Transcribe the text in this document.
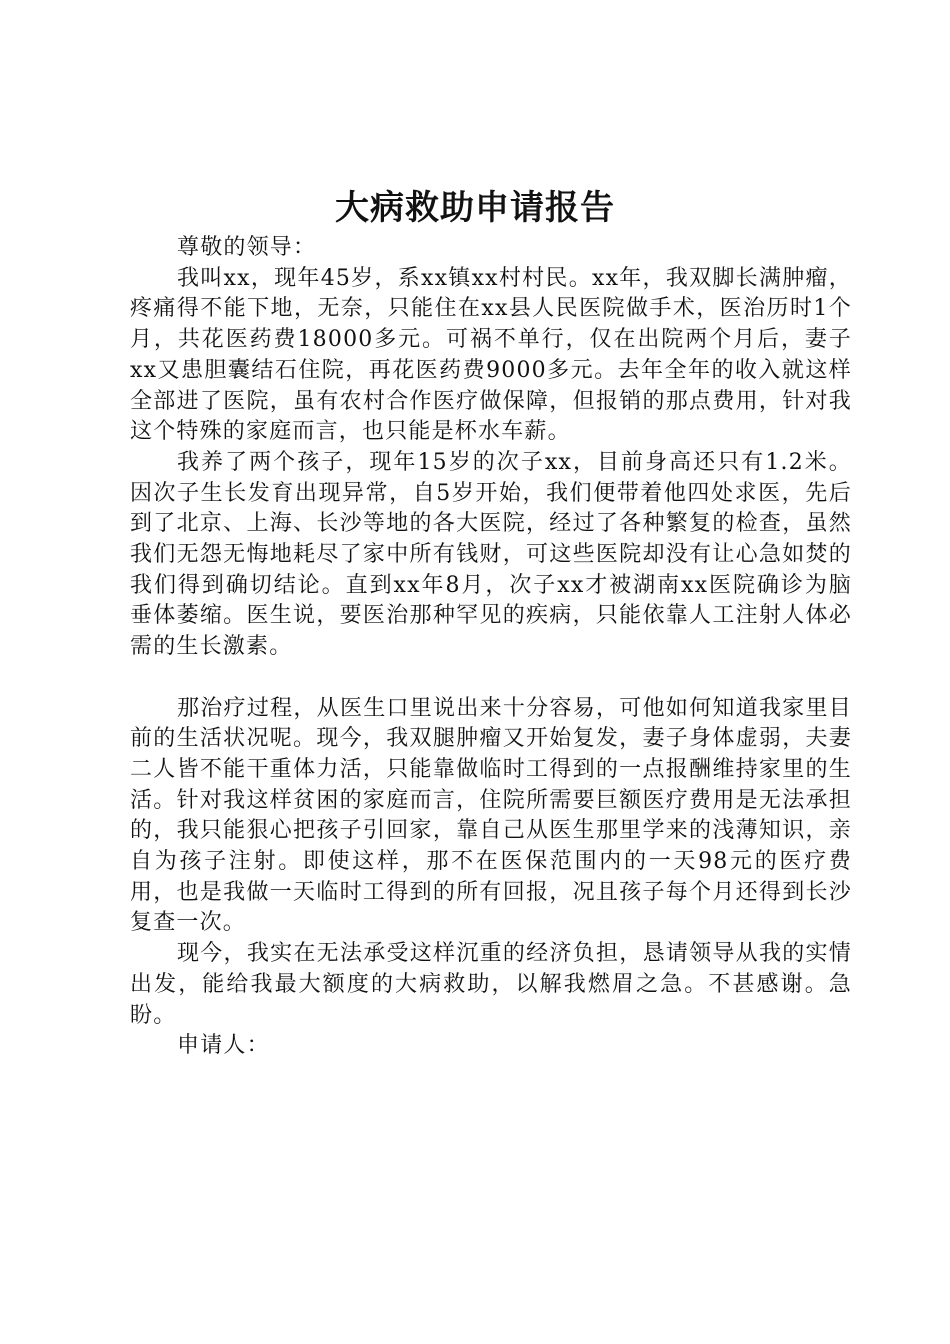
大病救助申请报告

尊敬的领导：

我叫xx，现年45岁，系xx镇xx村村民。xx年，我双脚长满肿瘤，疼痛得不能下地，无奈，只能住在xx县人民医院做手术，医治历时1个月，共花医药费18000多元。可祸不单行，仅在出院两个月后，妻子xx又患胆囊结石住院，再花医药费9000多元。去年全年的收入就这样全部进了医院，虽有农村合作医疗做保障，但报销的那点费用，针对我这个特殊的家庭而言，也只能是杯水车薪。

我养了两个孩子，现年15岁的次子xx，目前身高还只有1.2米。因次子生长发育出现异常，自5岁开始，我们便带着他四处求医，先后到了北京、上海、长沙等地的各大医院，经过了各种繁复的检查，虽然我们无怨无悔地耗尽了家中所有钱财，可这些医院却没有让心急如焚的我们得到确切结论。直到xx年8月，次子xx才被湖南xx医院确诊为脑垂体萎缩。医生说，要医治那种罕见的疾病，只能依靠人工注射人体必需的生长激素。

那治疗过程，从医生口里说出来十分容易，可他如何知道我家里目前的生活状况呢。现今，我双腿肿瘤又开始复发，妻子身体虚弱，夫妻二人皆不能干重体力活，只能靠做临时工得到的一点报酬维持家里的生活。针对我这样贫困的家庭而言，住院所需要巨额医疗费用是无法承担的，我只能狠心把孩子引回家，靠自己从医生那里学来的浅薄知识，亲自为孩子注射。即使这样，那不在医保范围内的一天98元的医疗费用，也是我做一天临时工得到的所有回报，况且孩子每个月还得到长沙复查一次。

现今，我实在无法承受这样沉重的经济负担，恳请领导从我的实情出发，能给我最大额度的大病救助，以解我燃眉之急。不甚感谢。急盼。

申请人：
